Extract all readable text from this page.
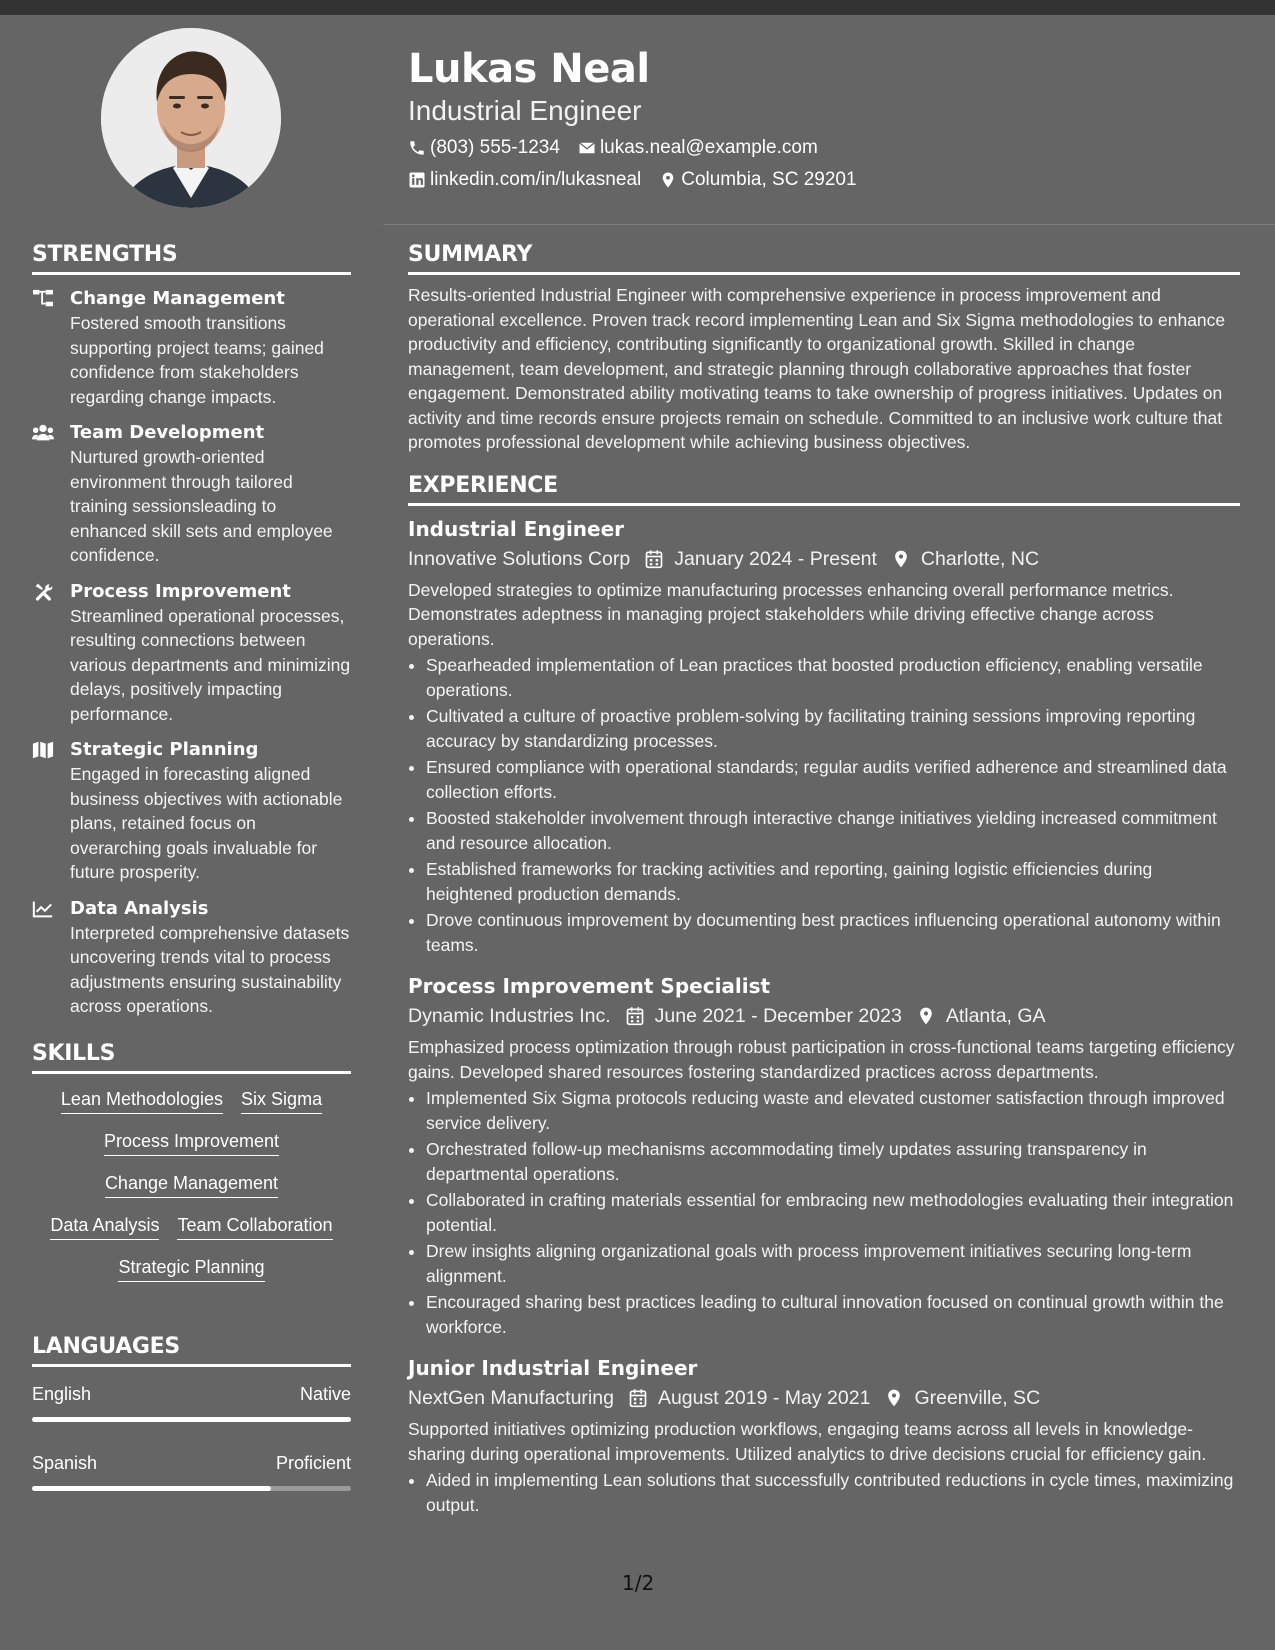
Lukas Neal
Industrial Engineer
(803) 555-1234 lukas.neal@example.com
linkedin.com/in/lukasneal Columbia, SC 29201
STRENGTHS
Change Management
Fostered smooth transitions supporting project teams; gained confidence from stakeholders regarding change impacts.
Team Development
Nurtured growth-oriented environment through tailored training sessionsleading to enhanced skill sets and employee confidence.
Process Improvement
Streamlined operational processes, resulting connections between various departments and minimizing delays, positively impacting performance.
Strategic Planning
Engaged in forecasting aligned business objectives with actionable plans, retained focus on overarching goals invaluable for future prosperity.
Data Analysis
Interpreted comprehensive datasets uncovering trends vital to process adjustments ensuring sustainability across operations.
SKILLS
Lean Methodologies Six Sigma
Process Improvement
Change Management
Data Analysis Team Collaboration
Strategic Planning
LANGUAGES
English	Native
Spanish	Proficient
SUMMARY
Results-oriented Industrial Engineer with comprehensive experience in process improvement and operational excellence. Proven track record implementing Lean and Six Sigma methodologies to enhance productivity and efficiency, contributing significantly to organizational growth. Skilled in change management, team development, and strategic planning through collaborative approaches that foster engagement. Demonstrated ability motivating teams to take ownership of progress initiatives. Updates on activity and time records ensure projects remain on schedule. Committed to an inclusive work culture that promotes professional development while achieving business objectives.
EXPERIENCE
Industrial Engineer
Innovative Solutions Corp January 2024 - Present Charlotte, NC
Developed strategies to optimize manufacturing processes enhancing overall performance metrics. Demonstrates adeptness in managing project stakeholders while driving effective change across operations.
• Spearheaded implementation of Lean practices that boosted production efficiency, enabling versatile operations.
• Cultivated a culture of proactive problem-solving by facilitating training sessions improving reporting accuracy by standardizing processes.
• Ensured compliance with operational standards; regular audits verified adherence and streamlined data collection efforts.
• Boosted stakeholder involvement through interactive change initiatives yielding increased commitment and resource allocation.
• Established frameworks for tracking activities and reporting, gaining logistic efficiencies during heightened production demands.
• Drove continuous improvement by documenting best practices influencing operational autonomy within teams.
Process Improvement Specialist
Dynamic Industries Inc. June 2021 - December 2023 Atlanta, GA
Emphasized process optimization through robust participation in cross-functional teams targeting efficiency gains. Developed shared resources fostering standardized practices across departments.
• Implemented Six Sigma protocols reducing waste and elevated customer satisfaction through improved service delivery.
• Orchestrated follow-up mechanisms accommodating timely updates assuring transparency in departmental operations.
• Collaborated in crafting materials essential for embracing new methodologies evaluating their integration potential.
• Drew insights aligning organizational goals with process improvement initiatives securing long-term alignment.
• Encouraged sharing best practices leading to cultural innovation focused on continual growth within the workforce.
Junior Industrial Engineer
NextGen Manufacturing August 2019 - May 2021 Greenville, SC
Supported initiatives optimizing production workflows, engaging teams across all levels in knowledge-sharing during operational improvements. Utilized analytics to drive decisions crucial for efficiency gain.
• Aided in implementing Lean solutions that successfully contributed reductions in cycle times, maximizing output.
1/2
